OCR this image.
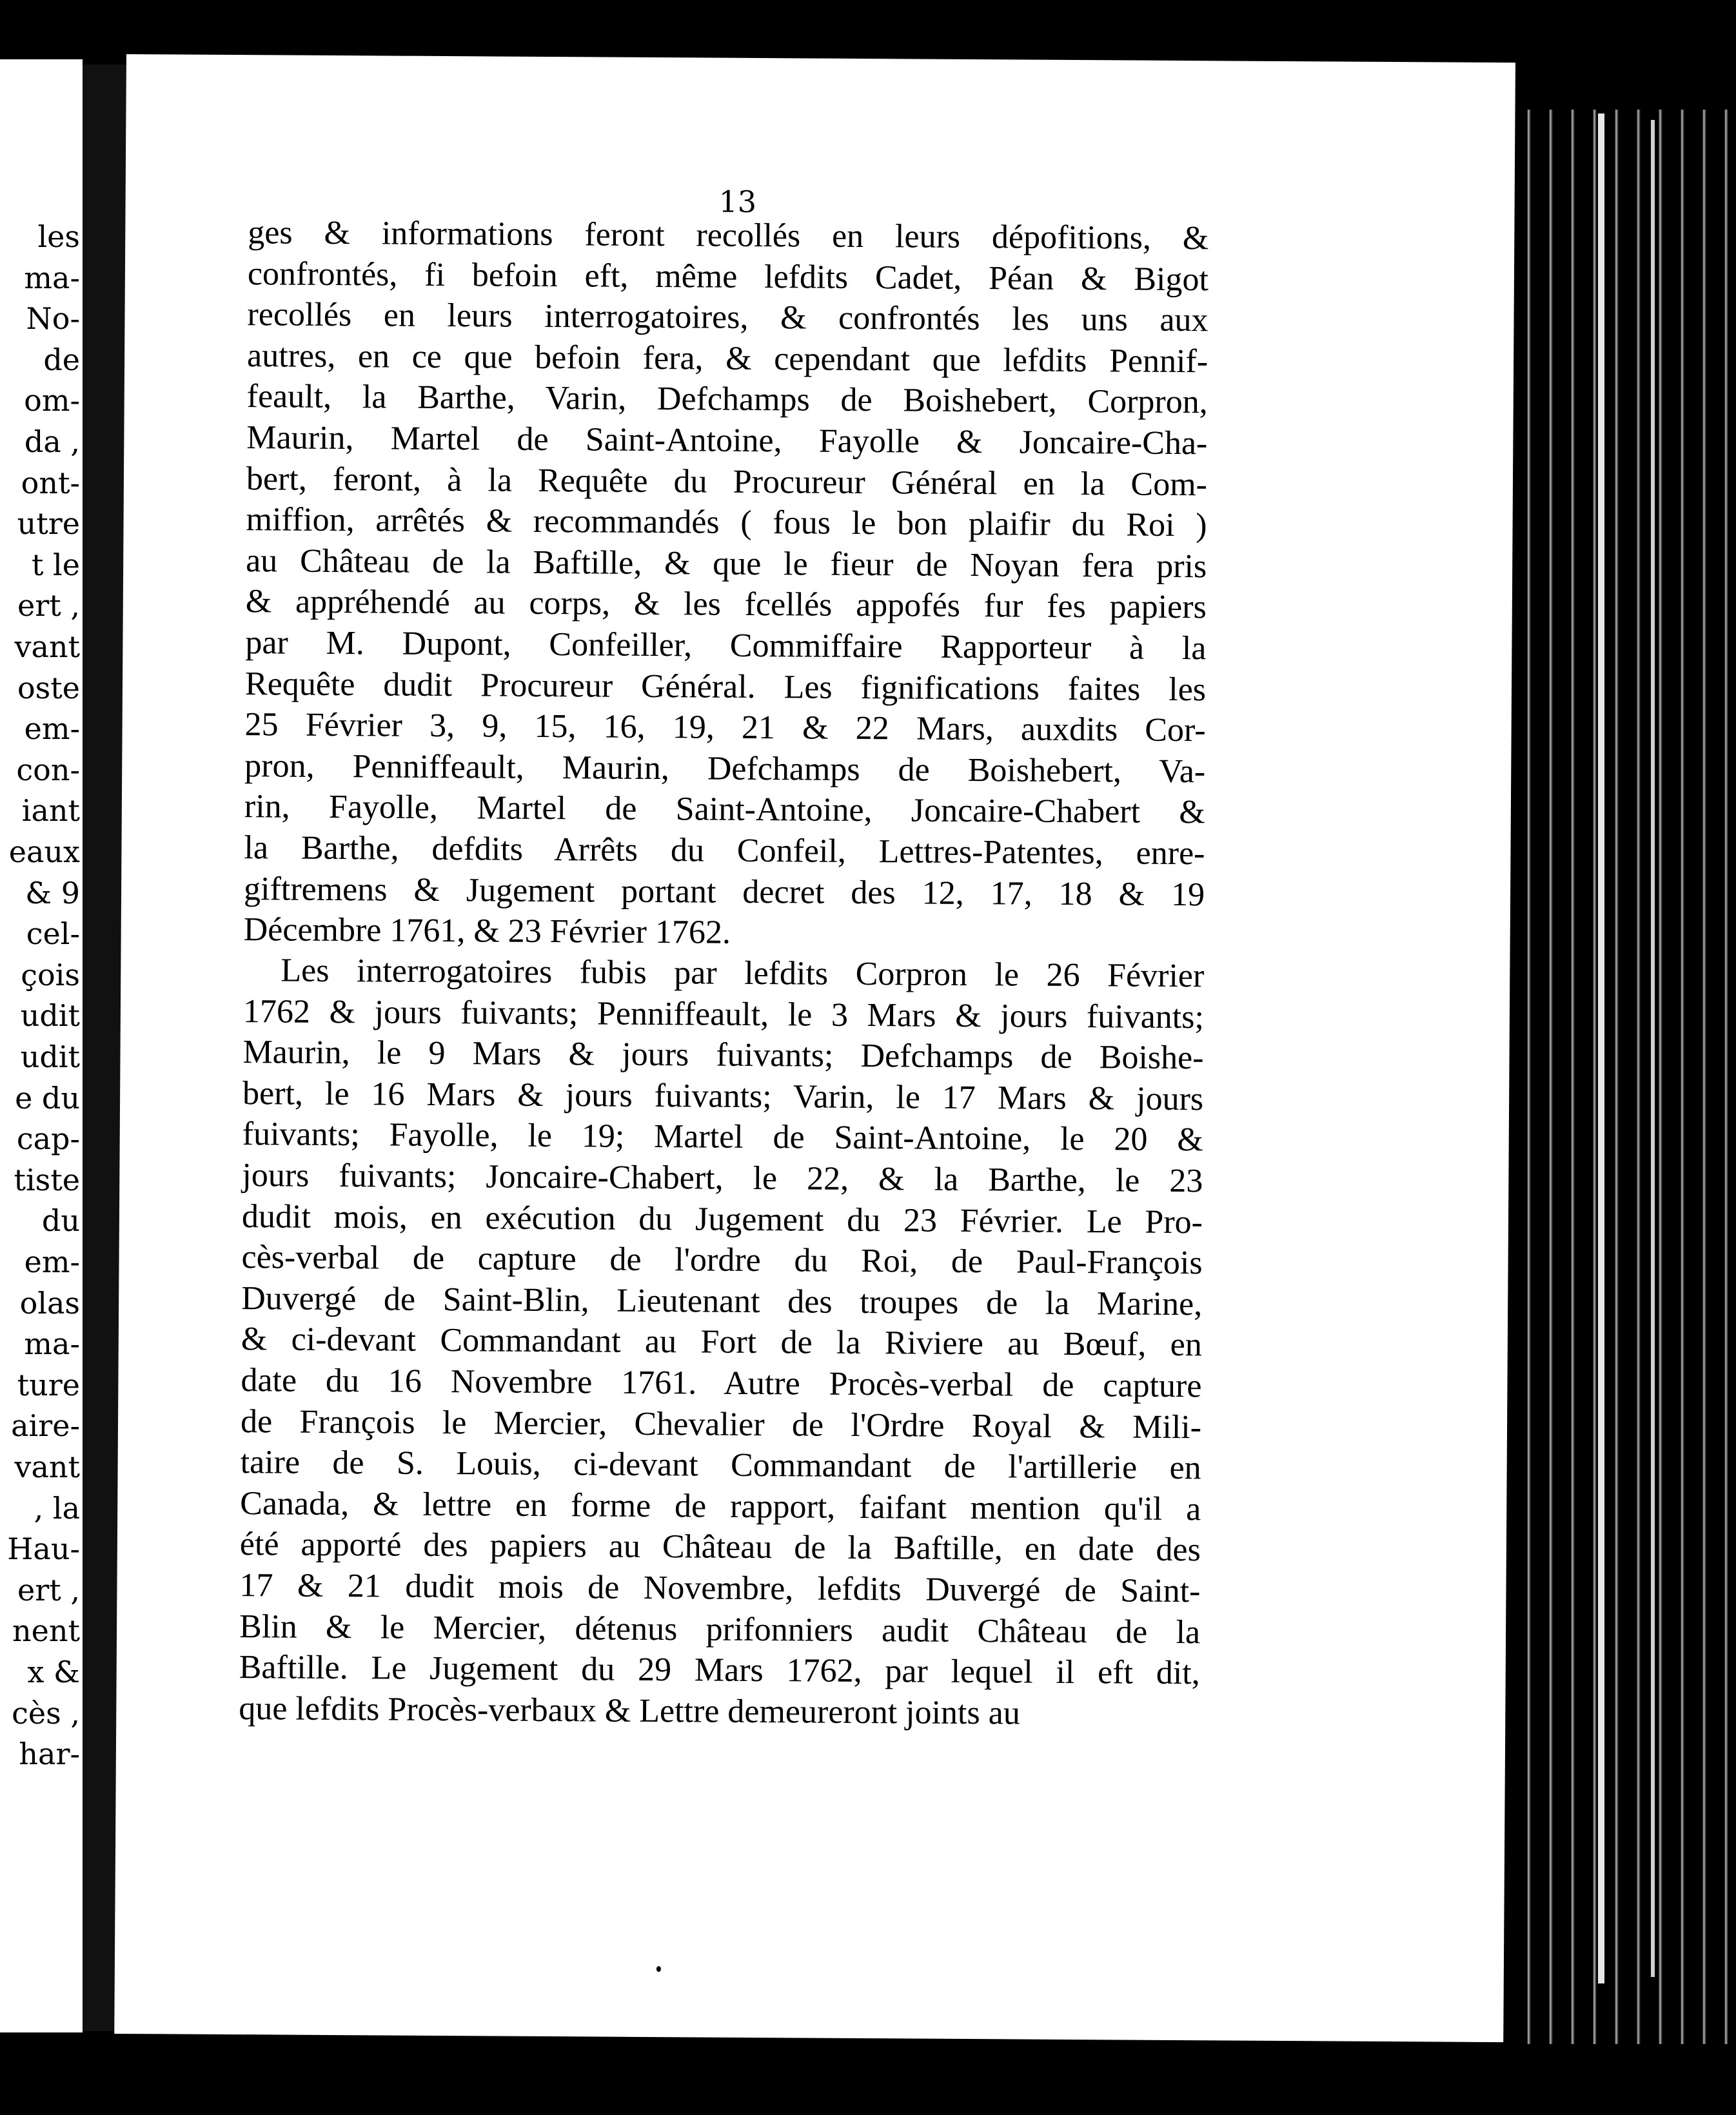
les
ma-
No-
de
om-
da ,
ont-
utre
t le
ert ,
vant
oste
em-
con-
iant
eaux
& 9
cel-
çois
udit
udit
e du
cap-
tiste
du
em-
olas
ma-
ture
aire-
vant
, la
Hau-
ert ,
nent
x &
cès ,
har-
13
ges & informations feront recollés en leurs dépofitions, &
confrontés, fi befoin eft, même lefdits Cadet, Péan & Bigot
recollés en leurs interrogatoires, & confrontés les uns aux
autres, en ce que befoin fera, & cependant que lefdits Pennif-
feault, la Barthe, Varin, Defchamps de Boishebert, Corpron,
Maurin, Martel de Saint-Antoine, Fayolle & Joncaire-Cha-
bert, feront, à la Requête du Procureur Général en la Com-
miffion, arrêtés & recommandés ( fous le bon plaifir du Roi )
au Château de la Baftille, & que le fieur de Noyan fera pris
& appréhendé au corps, & les fcellés appofés fur fes papiers
par M. Dupont, Confeiller, Commiffaire Rapporteur à la
Requête dudit Procureur Général. Les fignifications faites les
25 Février 3, 9, 15, 16, 19, 21 & 22 Mars, auxdits Cor-
pron, Penniffeault, Maurin, Defchamps de Boishebert, Va-
rin, Fayolle, Martel de Saint-Antoine, Joncaire-Chabert &
la Barthe, defdits Arrêts du Confeil, Lettres-Patentes, enre-
giftremens & Jugement portant decret des 12, 17, 18 & 19
Décembre 1761, & 23 Février 1762.
Les interrogatoires fubis par lefdits Corpron le 26 Février
1762 & jours fuivants; Penniffeault, le 3 Mars & jours fuivants;
Maurin, le 9 Mars & jours fuivants; Defchamps de Boishe-
bert, le 16 Mars & jours fuivants; Varin, le 17 Mars & jours
fuivants; Fayolle, le 19; Martel de Saint-Antoine, le 20 &
jours fuivants; Joncaire-Chabert, le 22, & la Barthe, le 23
dudit mois, en exécution du Jugement du 23 Février. Le Pro-
cès-verbal de capture de l'ordre du Roi, de Paul-François
Duvergé de Saint-Blin, Lieutenant des troupes de la Marine,
& ci-devant Commandant au Fort de la Riviere au Bœuf, en
date du 16 Novembre 1761. Autre Procès-verbal de capture
de François le Mercier, Chevalier de l'Ordre Royal & Mili-
taire de S. Louis, ci-devant Commandant de l'artillerie en
Canada, & lettre en forme de rapport, faifant mention qu'il a
été apporté des papiers au Château de la Baftille, en date des
17 & 21 dudit mois de Novembre, lefdits Duvergé de Saint-
Blin & le Mercier, détenus prifonniers audit Château de la
Baftille. Le Jugement du 29 Mars 1762, par lequel il eft dit,
que lefdits Procès-verbaux & Lettre demeureront joints au
